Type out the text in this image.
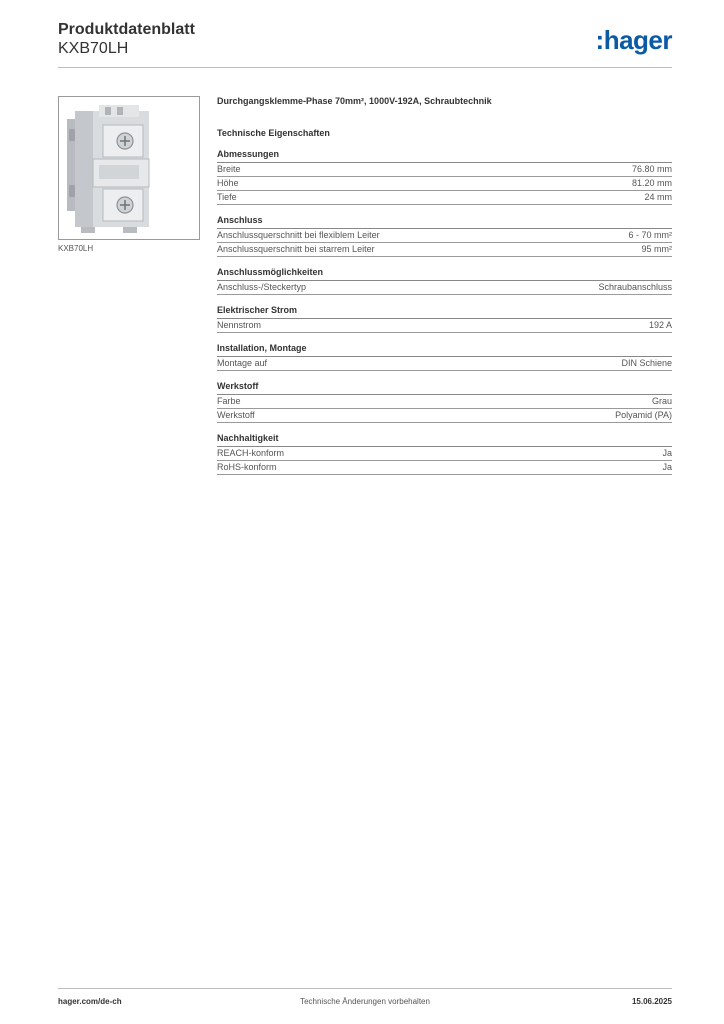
Produktdatenblatt
KXB70LH	:hager
KXB70LH
Durchgangsklemme-Phase 70mm², 1000V-192A, Schraubtechnik
Technische Eigenschaften
Abmessungen
Breite	76.80 mm
Höhe	81.20 mm
Tiefe	24 mm
Anschluss
Anschlussquerschnitt bei flexiblem Leiter	6 - 70 mm²
Anschlussquerschnitt bei starrem Leiter	95 mm²
Anschlussmöglichkeiten
Anschluss-/Steckertyp	Schraubanschluss
Elektrischer Strom
Nennstrom	192 A
Installation, Montage
Montage auf	DIN Schiene
Werkstoff
Farbe	Grau
Werkstoff	Polyamid (PA)
Nachhaltigkeit
REACH-konform	Ja
RoHS-konform	Ja
hager.com/de-ch	Technische Änderungen vorbehalten	15.06.2025
